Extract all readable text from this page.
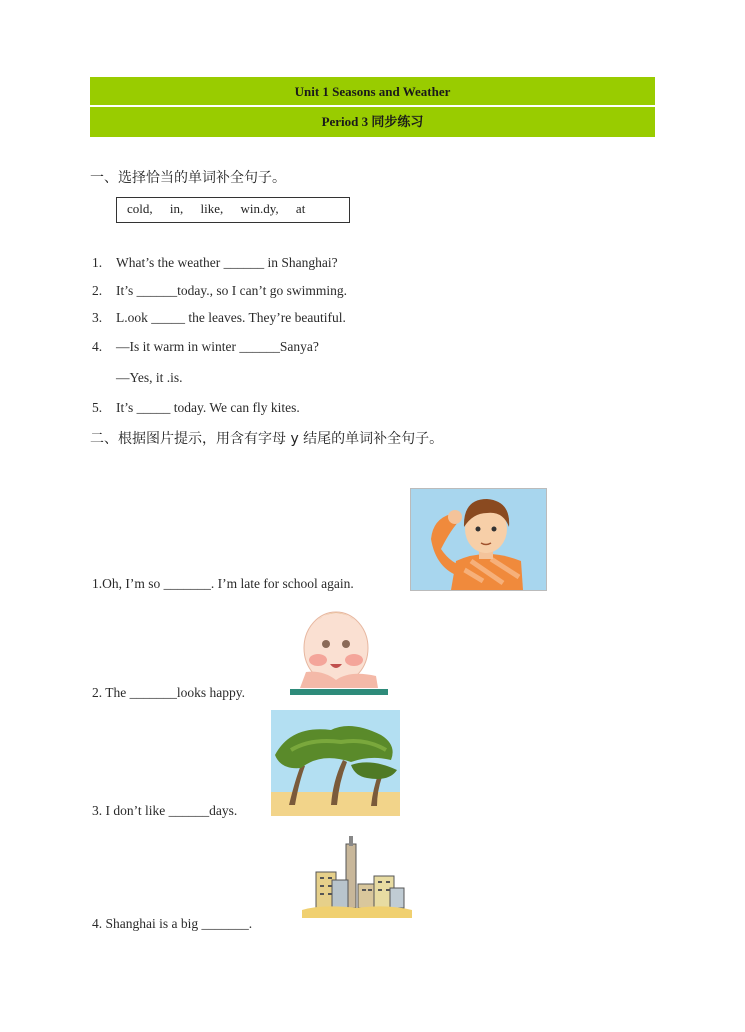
Unit 1 Seasons and Weather
Period 3 同步练习
一、选择恰当的单词补全句子。
cold, in, like, win.dy, at
1. What’s the weather ______ in Shanghai?
2. It’s ______today., so I can’t go swimming.
3. L.ook _____ the leaves. They’re beautiful.
4. —Is it warm in winter ______Sanya?
—Yes, it .is.
5. It’s _____ today. We can fly kites.
二、根据图片提示，用含有字母 y 结尾的单词补全句子。
1.Oh, I’m so _______. I’m late for school again.
2. The _______looks happy.
3. I don’t like ______days.
4. Shanghai is a big _______.
